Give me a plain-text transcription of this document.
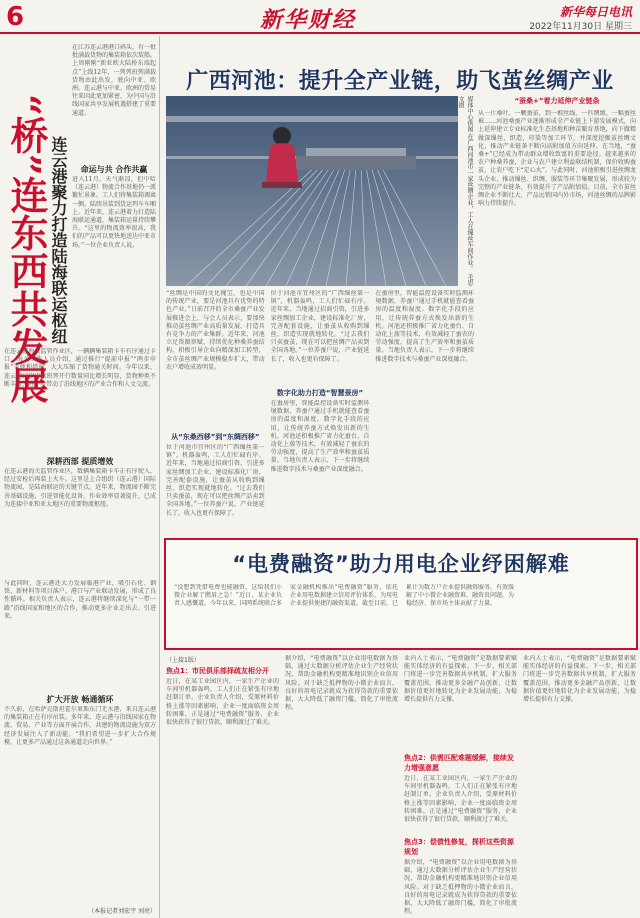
6	新华财经	新华每日电讯
2022年11月30日 星期三
“桥”连东西共发展 连云港聚力打造陆海联运枢纽
在江苏连云港港口码头，有一批批满载货物的集装箱依次装船。上周刚刚“新亚欧大陆桥东端起点”上线12年，一列列班列满载货物由此出发，驶向中亚、欧洲。连云港与中亚、欧洲的贸易往来因此更加紧密，为中国与沿线国家共享发展机遇搭建了重要通道。
命运与共 合作共赢
进入11月，天气渐凉，但中哈（连云港）物流合作基地仍一派繁忙景象。工人们将集装箱调离一侧，陆续吊装到货运列车车厢上。近年来，连云港着力打造陆海联运通道，集装箱运量持续攀升。“这里的物流效率很高，我们的产品可以更快地送达中亚市场。”一位企业负责人说。
在连云港海关监管作业区，一辆辆集装箱卡车有序通过卡口。海关工作人员介绍，通过推行“提前申报”“两步申报”等便利措施，大大压缩了货物通关时间。今年以来，连云港口岸中欧班列开行数量同比增长明显，货物种类不断丰富，进一步带动了沿线地区的产业合作和人文交流。
深耕西部 提质增效
在连云港海关监管作业区，数辆集装箱卡车正有序驶入，经过安检后再装上火车。这里是上合组织（连云港）国际物流园，是陆海联运的关键节点。近年来，物流园不断完善基础设施，引进智能化设备，作业效率显著提升，已成为连接中亚和亚太地区的重要物流枢纽。
与此同时，连云港还大力发展临港产业，吸引石化、钢铁、新材料等项目落户。港口与产业联动发展，形成了良性循环。相关负责人表示，连云港将继续深化与“一带一路”沿线国家和地区的合作，推动更多企业走出去、引进来。
扩大开放 畅通循环
不久前，在哈萨克斯坦霍尔果斯东门无水港，来自连云港的集装箱正在有序吊装。多年来，连云港与沿线国家在物流、贸易、产业等方面开展合作，共建的物流设施为双方经济发展注入了新动能。“我们希望进一步扩大合作规模，让更多产品通过这条通道走向世界。”
（本报记者刘宏宇 刘亮）
广西河池：提升全产业链，助飞茧丝绸产业
媒体中心供图 在广西河池市一家丝绸企业，工人在缫丝车间作业。 毛思文摄	“蚕桑+”着力延伸产业链条
从一片桑叶、一颗蚕茧，到一根丝线、一匹绸缎、一幅蚕丝被……河池桑蚕产业逐渐形成全产业链上下游发展模式，向上延伸建立专业标准化生态基地和种苗繁育基地，向下做精做深缫丝、织造、印染等加工环节，并深度挖掘茧丝绸文化，推动产业链条不断向高附加值方向延伸。在当地，“蚕桑+”已经成为带动群众增收致富的重要途径。越来越多的农户种桑养蚕，企业与农户建立利益联结机制，保价收购蚕茧，让农户吃下“定心丸”。与此同时，河池积极引进丝绸龙头企业，推动缫丝、织绸、服装等环节集聚发展，形成较为完整的产业链条，有效提升了产品附加值。目前，全市茧丝绸企业不断壮大，产品远销国内外市场，河池丝绸的品牌影响力持续提升。
“丝绸是中国的文化瑰宝，也是中国的传统产业，要是河池具有优势的特色产业。”日前召开的全市桑蚕产业发展推进会上，与会人员表示，要加快推动茧丝绸产业高质量发展，打造具有竞争力的产业集群。近年来，河池立足资源禀赋，持续优化种桑养蚕结构，积极引导企业向精深加工转型，全市茧丝绸产业规模稳步扩大，带动农户增收成效明显。
从“东桑西移”到“东绸西移”
位于河池市宜州区的“广西缫丝第一镇”，机器轰鸣，工人们忙碌有序。近年来，当地通过招商引资，引进多家丝绸加工企业，建设标准化厂房，完善配套设施，让蚕茧从收购到缫丝、织造实现就地转化。“过去我们只卖蚕茧，现在可以把丝绸产品卖到全国各地。”一位养蚕户说，产业链延长了，收入也更有保障了。
位于河池市宜州区的“广西缫丝第一镇”，机器轰鸣，工人们忙碌有序。近年来，当地通过招商引资，引进多家丝绸加工企业，建设标准化厂房，完善配套设施，让蚕茧从收购到缫丝、织造实现就地转化。“过去我们只卖蚕茧，现在可以把丝绸产品卖到全国各地。”一位养蚕户说，产业链延长了，收入也更有保障了。
数字化助力打造“智慧蚕房”
在蚕房里，智能温控设备实时监测环境数据，养蚕户通过手机就能查看蚕房的温度和湿度。数字化手段的应用，让传统养蚕方式焕发出新的生机。河池还积极推广省力化蚕台、自动化上蔟等技术，有效减轻了蚕农的劳动强度，提高了生产效率和蚕茧质量。当地负责人表示，下一步将继续推进数字技术与桑蚕产业深度融合。
在蚕房里，智能温控设备实时监测环境数据，养蚕户通过手机就能查看蚕房的温度和湿度。数字化手段的应用，让传统养蚕方式焕发出新的生机。河池还积极推广省力化蚕台、自动化上蔟等技术，有效减轻了蚕农的劳动强度，提高了生产效率和蚕茧质量。当地负责人表示，下一步将继续推进数字技术与桑蚕产业深度融合。
“电费融资”助力用电企业纾困解难
“没想到凭借电费也能融资，这给我们小微企业解了燃眉之急！”近日，某企业负责人感慨道。今年以来，国网系统联合多家金融机构推出“电费融资”服务，依托企业用电数据建立信用评价体系，为用电企业提供便捷的融资渠道。截至目前，已累计为数万户企业提供融资服务，有效缓解了中小微企业融资难、融资贵问题，为稳经济、保市场主体贡献了力量。
（上接1版）
焦点1：市民俱乐部择疏友相分开
近日，在某工业园区内，一家生产企业的车间里机器轰鸣，工人们正在紧张有序地赶制订单。企业负责人介绍，受原材料价格上涨等因素影响，企业一度面临资金周转困难。正是通过“电费融资”服务，企业很快获得了银行贷款，顺利渡过了难关。
据介绍，“电费融资”以企业用电数据为基础，通过大数据分析评估企业生产经营状况，帮助金融机构更精准地识别企业信用风险。对于缺乏抵押物的小微企业而言，良好的用电记录就成为获得贷款的重要依据，大大降低了融资门槛，简化了审批流程。
业内人士表示，“电费融资”是数据要素赋能实体经济的有益探索。下一步，相关部门将进一步完善数据共享机制，扩大服务覆盖范围，推动更多金融产品创新，让数据价值更好地转化为企业发展动能，为稳增长提供有力支撑。
焦点2：供需匹配难题缓解，接续发力增强意愿
近日，在某工业园区内，一家生产企业的车间里机器轰鸣，工人们正在紧张有序地赶制订单。企业负责人介绍，受原材料价格上涨等因素影响，企业一度面临资金周转困难。正是通过“电费融资”服务，企业很快获得了银行贷款，顺利渡过了难关。
焦点3：偿债性修复，探析这些资源规划
据介绍，“电费融资”以企业用电数据为基础，通过大数据分析评估企业生产经营状况，帮助金融机构更精准地识别企业信用风险。对于缺乏抵押物的小微企业而言，良好的用电记录就成为获得贷款的重要依据，大大降低了融资门槛，简化了审批流程。
业内人士表示，“电费融资”是数据要素赋能实体经济的有益探索。下一步，相关部门将进一步完善数据共享机制，扩大服务覆盖范围，推动更多金融产品创新，让数据价值更好地转化为企业发展动能，为稳增长提供有力支撑。
